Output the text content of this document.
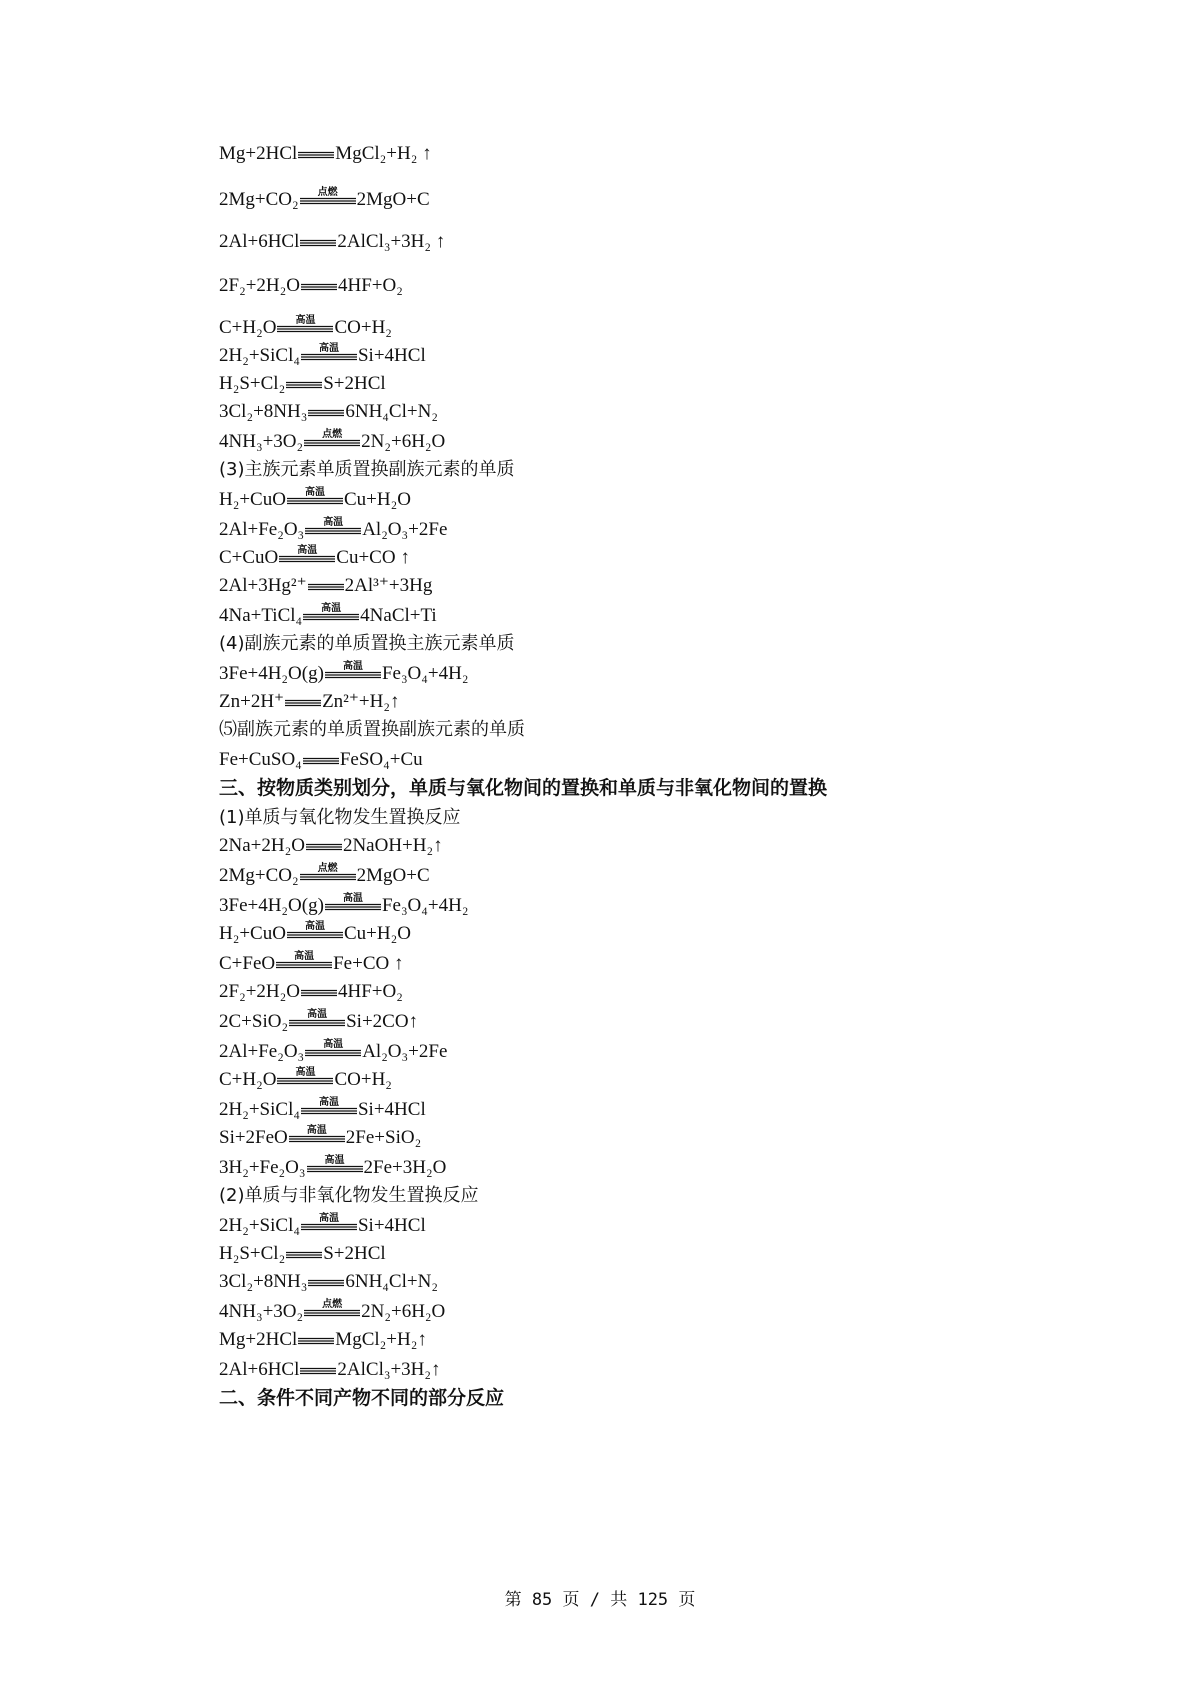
Mg+2HCl MgCl₂+H₂ ↑
2Mg+CO₂	点燃	2MgO+C
2Al+6HCl 2AlCl₃+3H₂ ↑
2F₂+2H₂O 4HF+O₂
C+H₂O	高温	CO+H₂
2H₂+SiCl₄	高温	Si+4HCl
H₂S+Cl₂ S+2HCl
3Cl₂+8NH₃ 6NH₄Cl+N₂
4NH₃+3O₂	点燃	2N₂+6H₂O
(3)主族元素单质置换副族元素的单质
H₂+CuO	高温	Cu+H₂O
2Al+Fe₂O₃	高温	Al₂O₃+2Fe
C+CuO	高温	Cu+CO ↑
2Al+3Hg²⁺ 2Al³⁺+3Hg
4Na+TiCl₄	高温	4NaCl+Ti
(4)副族元素的单质置换主族元素单质
3Fe+4H₂O(g)	高温	Fe₃O₄+4H₂
Zn+2H⁺ Zn²⁺+H₂↑
⑸副族元素的单质置换副族元素的单质
Fe+CuSO₄ FeSO₄+Cu
三、按物质类别划分，单质与氧化物间的置换和单质与非氧化物间的置换
(1)单质与氧化物发生置换反应
2Na+2H₂O 2NaOH+H₂↑
2Mg+CO₂	点燃	2MgO+C
3Fe+4H₂O(g)	高温	Fe₃O₄+4H₂
H₂+CuO	高温	Cu+H₂O
C+FeO	高温	Fe+CO ↑
2F₂+2H₂O 4HF+O₂
2C+SiO₂	高温	Si+2CO↑
2Al+Fe₂O₃	高温	Al₂O₃+2Fe
C+H₂O	高温	CO+H₂
2H₂+SiCl₄	高温	Si+4HCl
Si+2FeO	高温	2Fe+SiO₂
3H₂+Fe₂O₃	高温	2Fe+3H₂O
(2)单质与非氧化物发生置换反应
2H₂+SiCl₄	高温	Si+4HCl
H₂S+Cl₂ S+2HCl
3Cl₂+8NH₃ 6NH₄Cl+N₂
4NH₃+3O₂	点燃	2N₂+6H₂O
Mg+2HCl MgCl₂+H₂↑
2Al+6HCl 2AlCl₃+3H₂↑
二、条件不同产物不同的部分反应
第 85 页 / 共 125 页
